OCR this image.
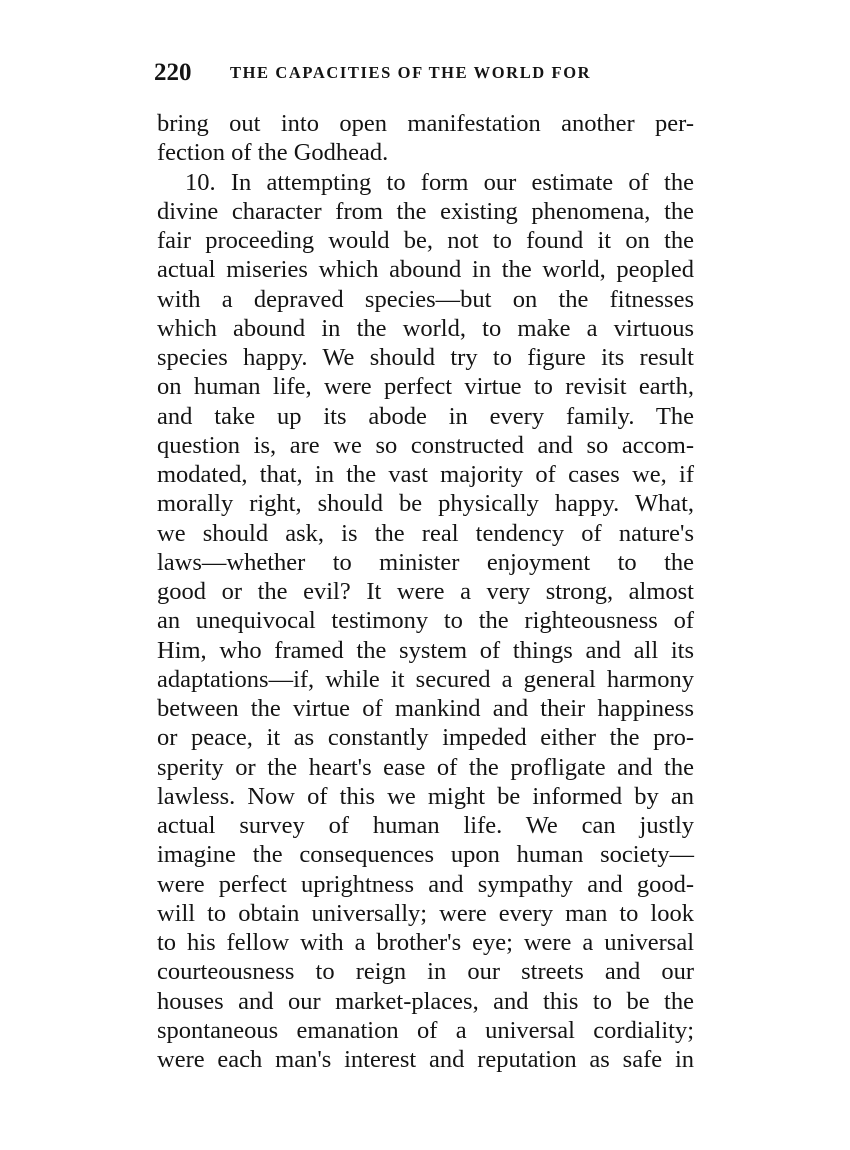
220 THE CAPACITIES OF THE WORLD FOR
bring out into open manifestation another per-
fection of the Godhead.
10. In attempting to form our estimate of the
divine character from the existing phenomena, the
fair proceeding would be, not to found it on the
actual miseries which abound in the world, peopled
with a depraved species—but on the fitnesses
which abound in the world, to make a virtuous
species happy. We should try to figure its result
on human life, were perfect virtue to revisit earth,
and take up its abode in every family. The
question is, are we so constructed and so accom-
modated, that, in the vast majority of cases we, if
morally right, should be physically happy. What,
we should ask, is the real tendency of nature's
laws—whether to minister enjoyment to the
good or the evil? It were a very strong, almost
an unequivocal testimony to the righteousness of
Him, who framed the system of things and all its
adaptations—if, while it secured a general harmony
between the virtue of mankind and their happiness
or peace, it as constantly impeded either the pro-
sperity or the heart's ease of the profligate and the
lawless. Now of this we might be informed by an
actual survey of human life. We can justly
imagine the consequences upon human society—
were perfect uprightness and sympathy and good-
will to obtain universally; were every man to look
to his fellow with a brother's eye; were a universal
courteousness to reign in our streets and our
houses and our market-places, and this to be the
spontaneous emanation of a universal cordiality;
were each man's interest and reputation as safe in
